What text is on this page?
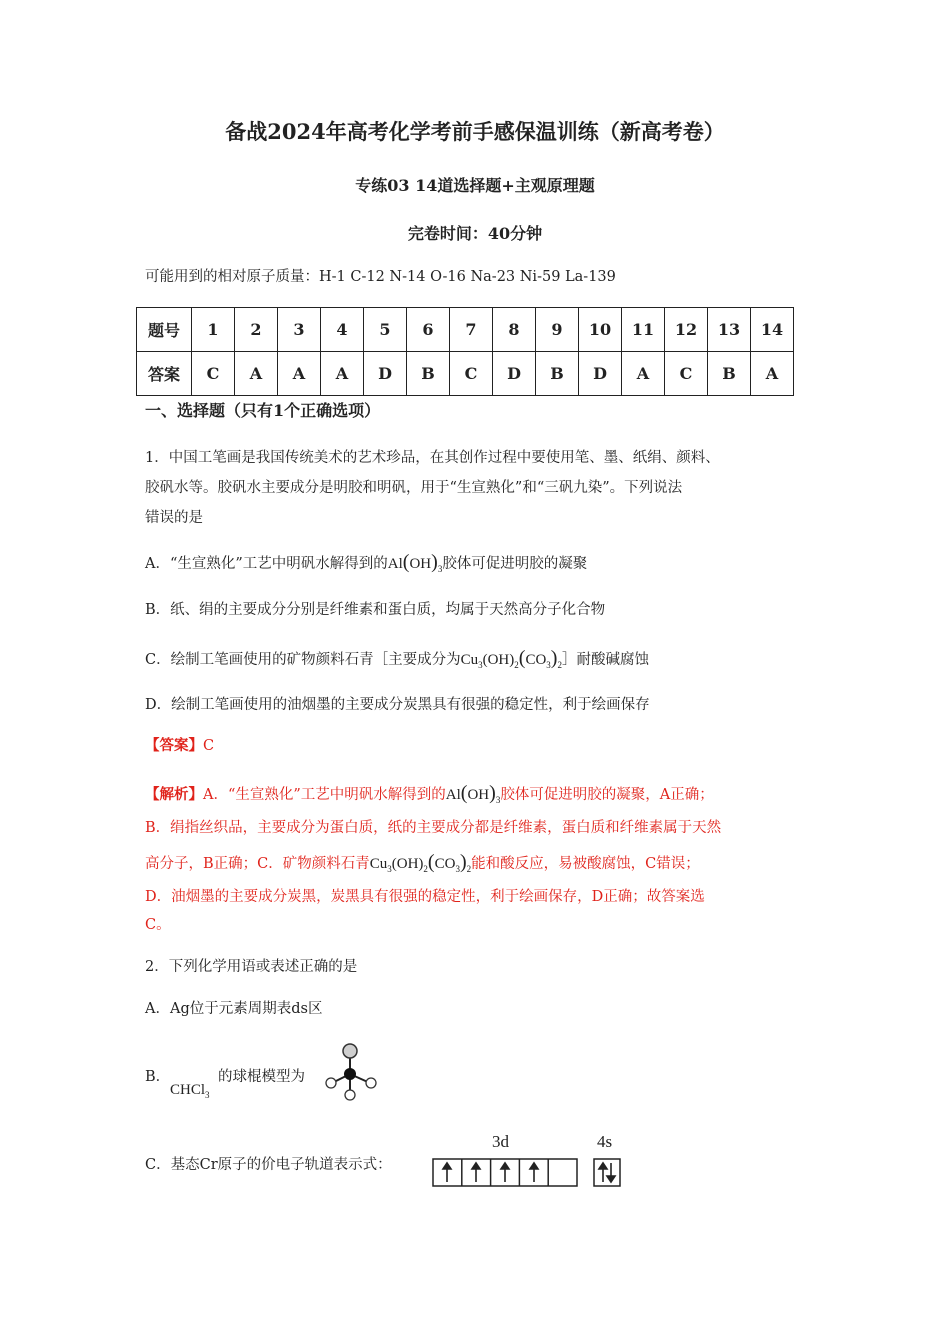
备战2024年高考化学考前手感保温训练（新高考卷）
专练03 14道选择题+主观原理题
完卷时间：40分钟
可能用到的相对原子质量：H-1 C-12 N-14 O-16 Na-23 Ni-59 La-139
题号	1	2	3	4	5	6	7	8	9	10	11	12	13	14
答案	C	A	A	A	D	B	C	D	B	D	A	C	B	A
一、选择题（只有1个正确选项）
1．中国工笔画是我国传统美术的艺术珍品，在其创作过程中要使用笔、墨、纸绢、颜料、
胶矾水等。胶矾水主要成分是明胶和明矾，用于“生宣熟化”和“三矾九染”。下列说法
错误的是
A．“生宣熟化”工艺中明矾水解得到的$Al(OH)_3$胶体可促进明胶的凝聚
B．纸、绢的主要成分分别是纤维素和蛋白质，均属于天然高分子化合物
C．绘制工笔画使用的矿物颜料石青［主要成分为$Cu_3(OH)_2(CO_3)_2]$耐酸碱腐蚀
D．绘制工笔画使用的油烟墨的主要成分炭黑具有很强的稳定性，利于绘画保存
【答案】C
【解析】A．“生宣熟化”工艺中明矾水解得到的$Al(OH)_3$胶体可促进明胶的凝聚，A正确；
B．绢指丝织品，主要成分为蛋白质，纸的主要成分都是纤维素，蛋白质和纤维素属于天然
高分子，B正确；C．矿物颜料石青$Cu_3(OH)_2(CO_3)_2$能和酸反应，易被酸腐蚀，C错误；
D．油烟墨的主要成分炭黑，炭黑具有很强的稳定性，利于绘画保存，D正确；故答案选
C。
2．下列化学用语或表述正确的是
A．Ag位于元素周期表ds区
B．
CHCl$_3$
的球棍模型为
C．基态Cr原子的价电子轨道表示式：
3d	4s
